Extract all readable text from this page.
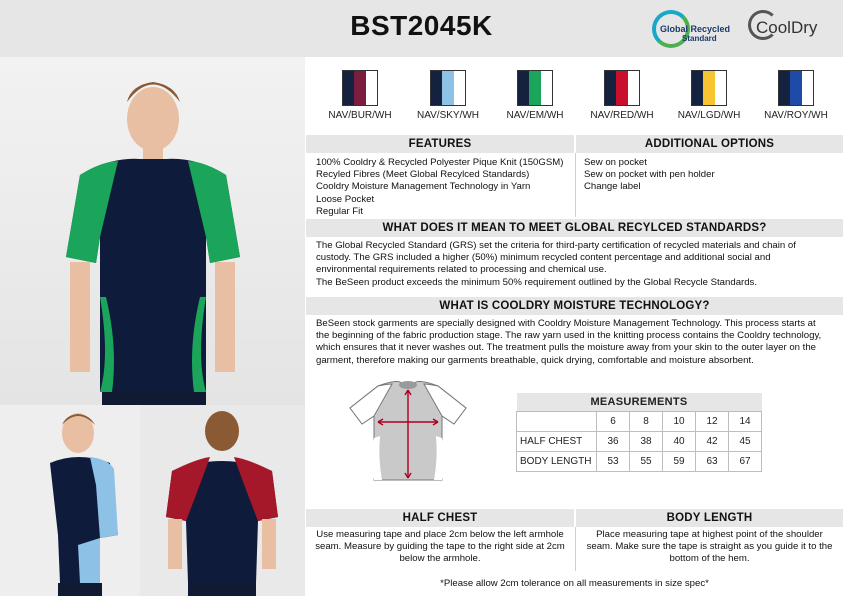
BST2045K	Global Recycled
Standard
CoolDry
NAV/BUR/WH	NAV/SKY/WH	NAV/EM/WH	NAV/RED/WH	NAV/LGD/WH	NAV/ROY/WH
FEATURES	ADDITIONAL OPTIONS
100% Cooldry & Recycled Polyester Pique Knit (150GSM)
Recyled Fibres (Meet Global Recylced Standards)
Cooldry Moisture Management Technology in Yarn
Loose Pocket
Regular Fit
Sew on pocket
Sew on pocket with pen holder
Change label
WHAT DOES IT MEAN TO MEET GLOBAL RECYLCED STANDARDS?
The Global Recycled Standard (GRS) set the criteria for third-party certification of recycled materials and chain of
custody. The GRS included a higher (50%) minimum recycled content percentage and additional social and
environmental requirements related to processing and chemical use.
The BeSeen product exceeds the minimum 50% requirement outlined by the Global Recycle Standards.
WHAT IS COOLDRY MOISTURE TECHNOLOGY?
BeSeen stock garments are specially designed with Cooldry Moisture Management Technology. This process starts at
the beginning of the fabric production stage. The raw yarn used in the knitting process contains the Cooldry technology,
which ensures that it never washes out. The treatment pulls the moisture away from your skin to the outer layer on the
garment, therefore making our garments breathable, quick drying, comfortable and moisture absorbent.
MEASUREMENTS					
	6	8	10	12	14
HALF CHEST	36	38	40	42	45
BODY LENGTH	53	55	59	63	67
HALF CHEST	BODY LENGTH
Use measuring tape and place 2cm below the left armhole
seam. Measure by guiding the tape to the right side at 2cm
below the armhole.
Place measuring tape at highest point of the shoulder
seam. Make sure the tape is straight as you guide it to the
bottom of the hem.
*Please allow 2cm tolerance on all measurements in size spec*
